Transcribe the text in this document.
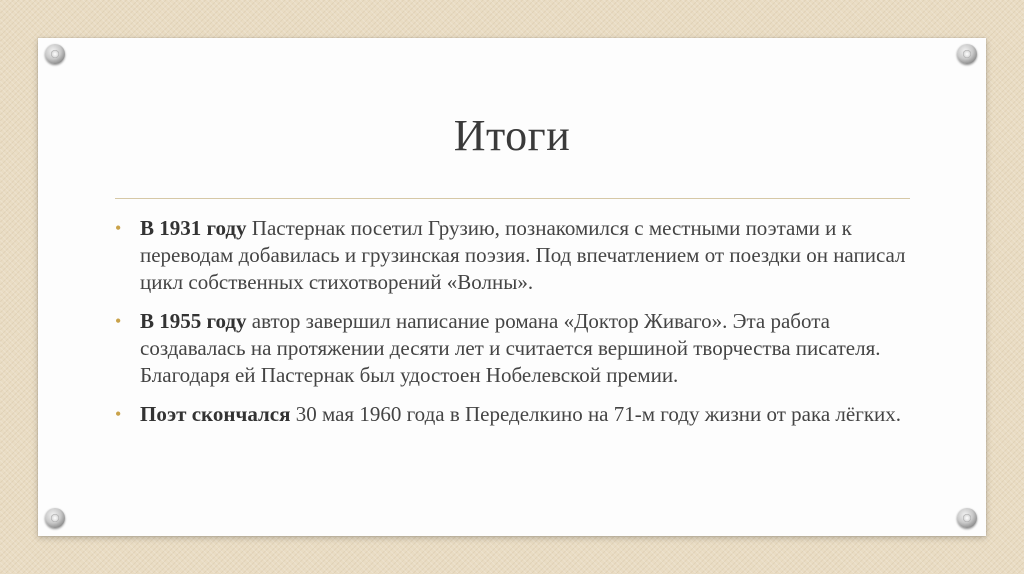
Итоги
• В 1931 году Пастернак посетил Грузию, познакомился с местными поэтами и к переводам добавилась и грузинская поэзия. Под впечатлением от поездки он написал цикл собственных стихотворений «Волны».
• В 1955 году автор завершил написание романа «Доктор Живаго». Эта работа создавалась на протяжении десяти лет и считается вершиной творчества писателя. Благодаря ей Пастернак был удостоен Нобелевской премии.
• Поэт скончался 30 мая 1960 года в Переделкино на 71-м году жизни от рака лёгких.
